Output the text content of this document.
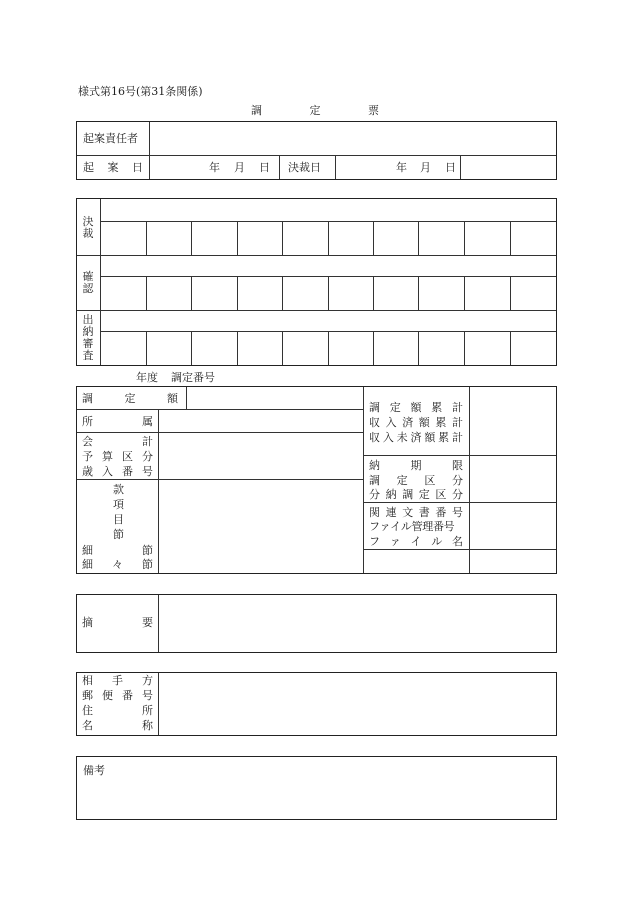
様式第16号(第31条関係)
調	定	票
起案責任者
起 案 日	年 月 日 決裁日	年 月 日
決裁
確認
出納審査
年度 調定番号
調	定	額
所	属
会	計
予 算 区 分
歳 入 番 号
款
項
目
節
細	節
細 々 節
調 定 額 累 計
収 入 済 額 累 計
収 入 未 済 額 累 計
納	期	限
調 定 区 分
分 納 調 定 区 分
関 連 文 書 番 号
ファイル管理番号
フ ァ イ ル 名
摘	要
相 手 方
郵 便 番 号
住	所
名	称
備考
